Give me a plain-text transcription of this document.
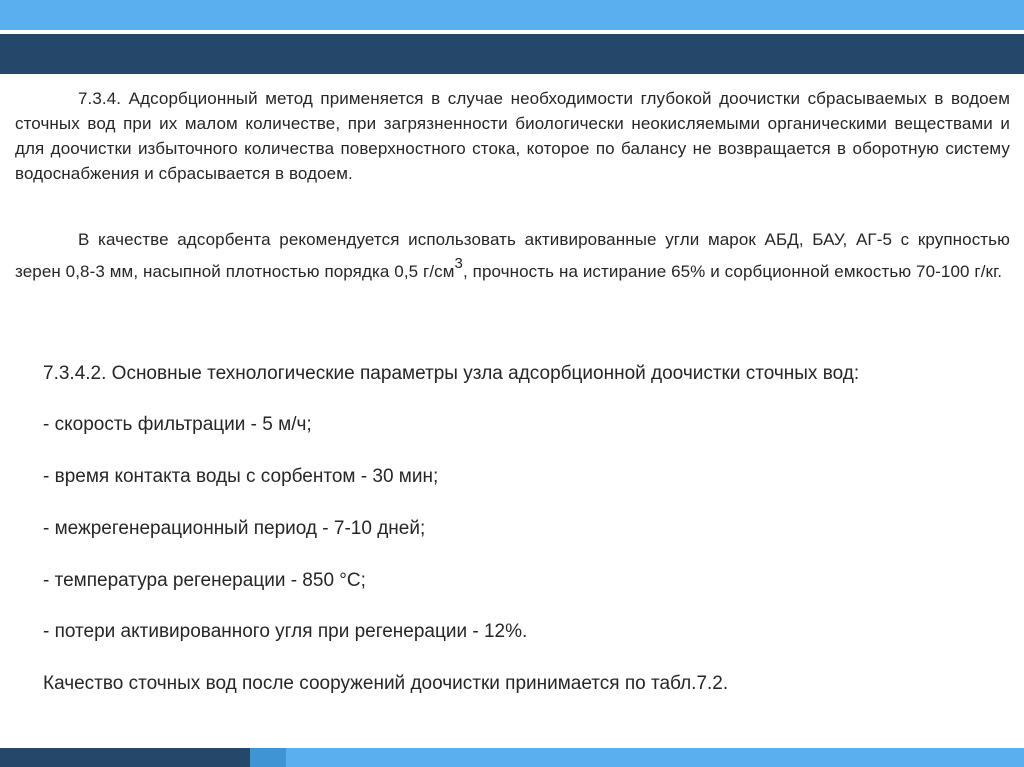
7.3.4. Адсорбционный метод применяется в случае необходимости глубокой доочистки сбрасываемых в водоем сточных вод при их малом количестве, при загрязненности биологически неокисляемыми органическими веществами и для доочистки избыточного количества поверхностного стока, которое по балансу не возвращается в оборотную систему водоснабжения и сбрасывается в водоем.

В качестве адсорбента рекомендуется использовать активированные угли марок АБД, БАУ, АГ-5 с крупностью зерен 0,8-3 мм, насыпной плотностью порядка 0,5 $г/см^3$, прочность на истирание 65% и сорбционной емкостью 70-100 г/кг.

7.3.4.2. Основные технологические параметры узла адсорбционной доочистки сточных вод:

- скорость фильтрации - 5 м/ч;

- время контакта воды с сорбентом - 30 мин;

- межрегенерационный период - 7-10 дней;

- температура регенерации - 850 °С;

- потери активированного угля при регенерации - 12%.

Качество сточных вод после сооружений доочистки принимается по табл.7.2.
